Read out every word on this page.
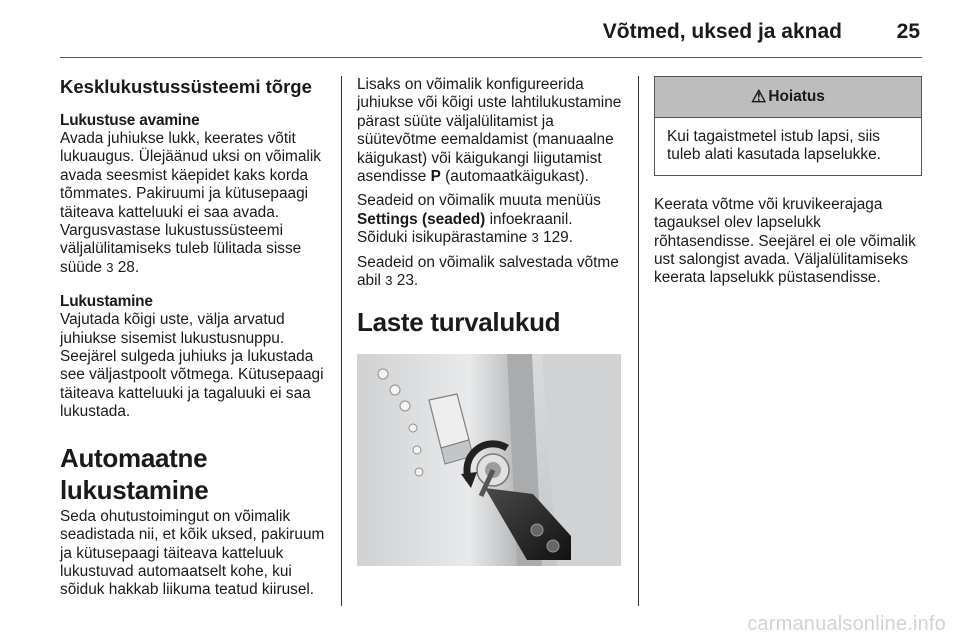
Võtmed, uksed ja aknad	25
Kesklukustussüsteemi tõrge
Lukustuse avamine
Avada juhiukse lukk, keerates võtit lukuaugus. Ülejäänud uksi on võimalik avada seesmist käepidet kaks korda tõmmates. Pakiruumi ja kütusepaagi täiteava katteluuki ei saa avada. Vargusvastase lukustussüsteemi väljalülitamiseks tuleb lülitada sisse süüde 3 28.
Lukustamine
Vajutada kõigi uste, välja arvatud juhiukse sisemist lukustusnuppu. Seejärel sulgeda juhiuks ja lukustada see väljastpoolt võtmega. Kütusepaagi täiteava katteluuki ja tagaluuki ei saa lukustada.
Automaatne lukustamine
Seda ohutustoimingut on võimalik seadistada nii, et kõik uksed, pakiruum ja kütusepaagi täiteava katteluuk lukustuvad automaatselt kohe, kui sõiduk hakkab liikuma teatud kiirusel.
Lisaks on võimalik konfigureerida juhiukse või kõigi uste lahtilukustamine pärast süüte väljalülitamist ja süütevõtme eemaldamist (manuaalne käigukast) või käigukangi liigutamist asendisse P (automaatkäigukast).
Seadeid on võimalik muuta menüüs Settings (seaded) infoekraanil. Sõiduki isikupärastamine 3 129.
Seadeid on võimalik salvestada võtme abil 3 23.
Laste turvalukud
⚠ Hoiatus
Kui tagaistmetel istub lapsi, siis tuleb alati kasutada lapselukke.
Keerata võtme või kruvikeerajaga tagauksel olev lapselukk rõhtasendisse. Seejärel ei ole võimalik ust salongist avada. Väljalülitamiseks keerata lapselukk püstasendisse.
carmanualsonline.info
